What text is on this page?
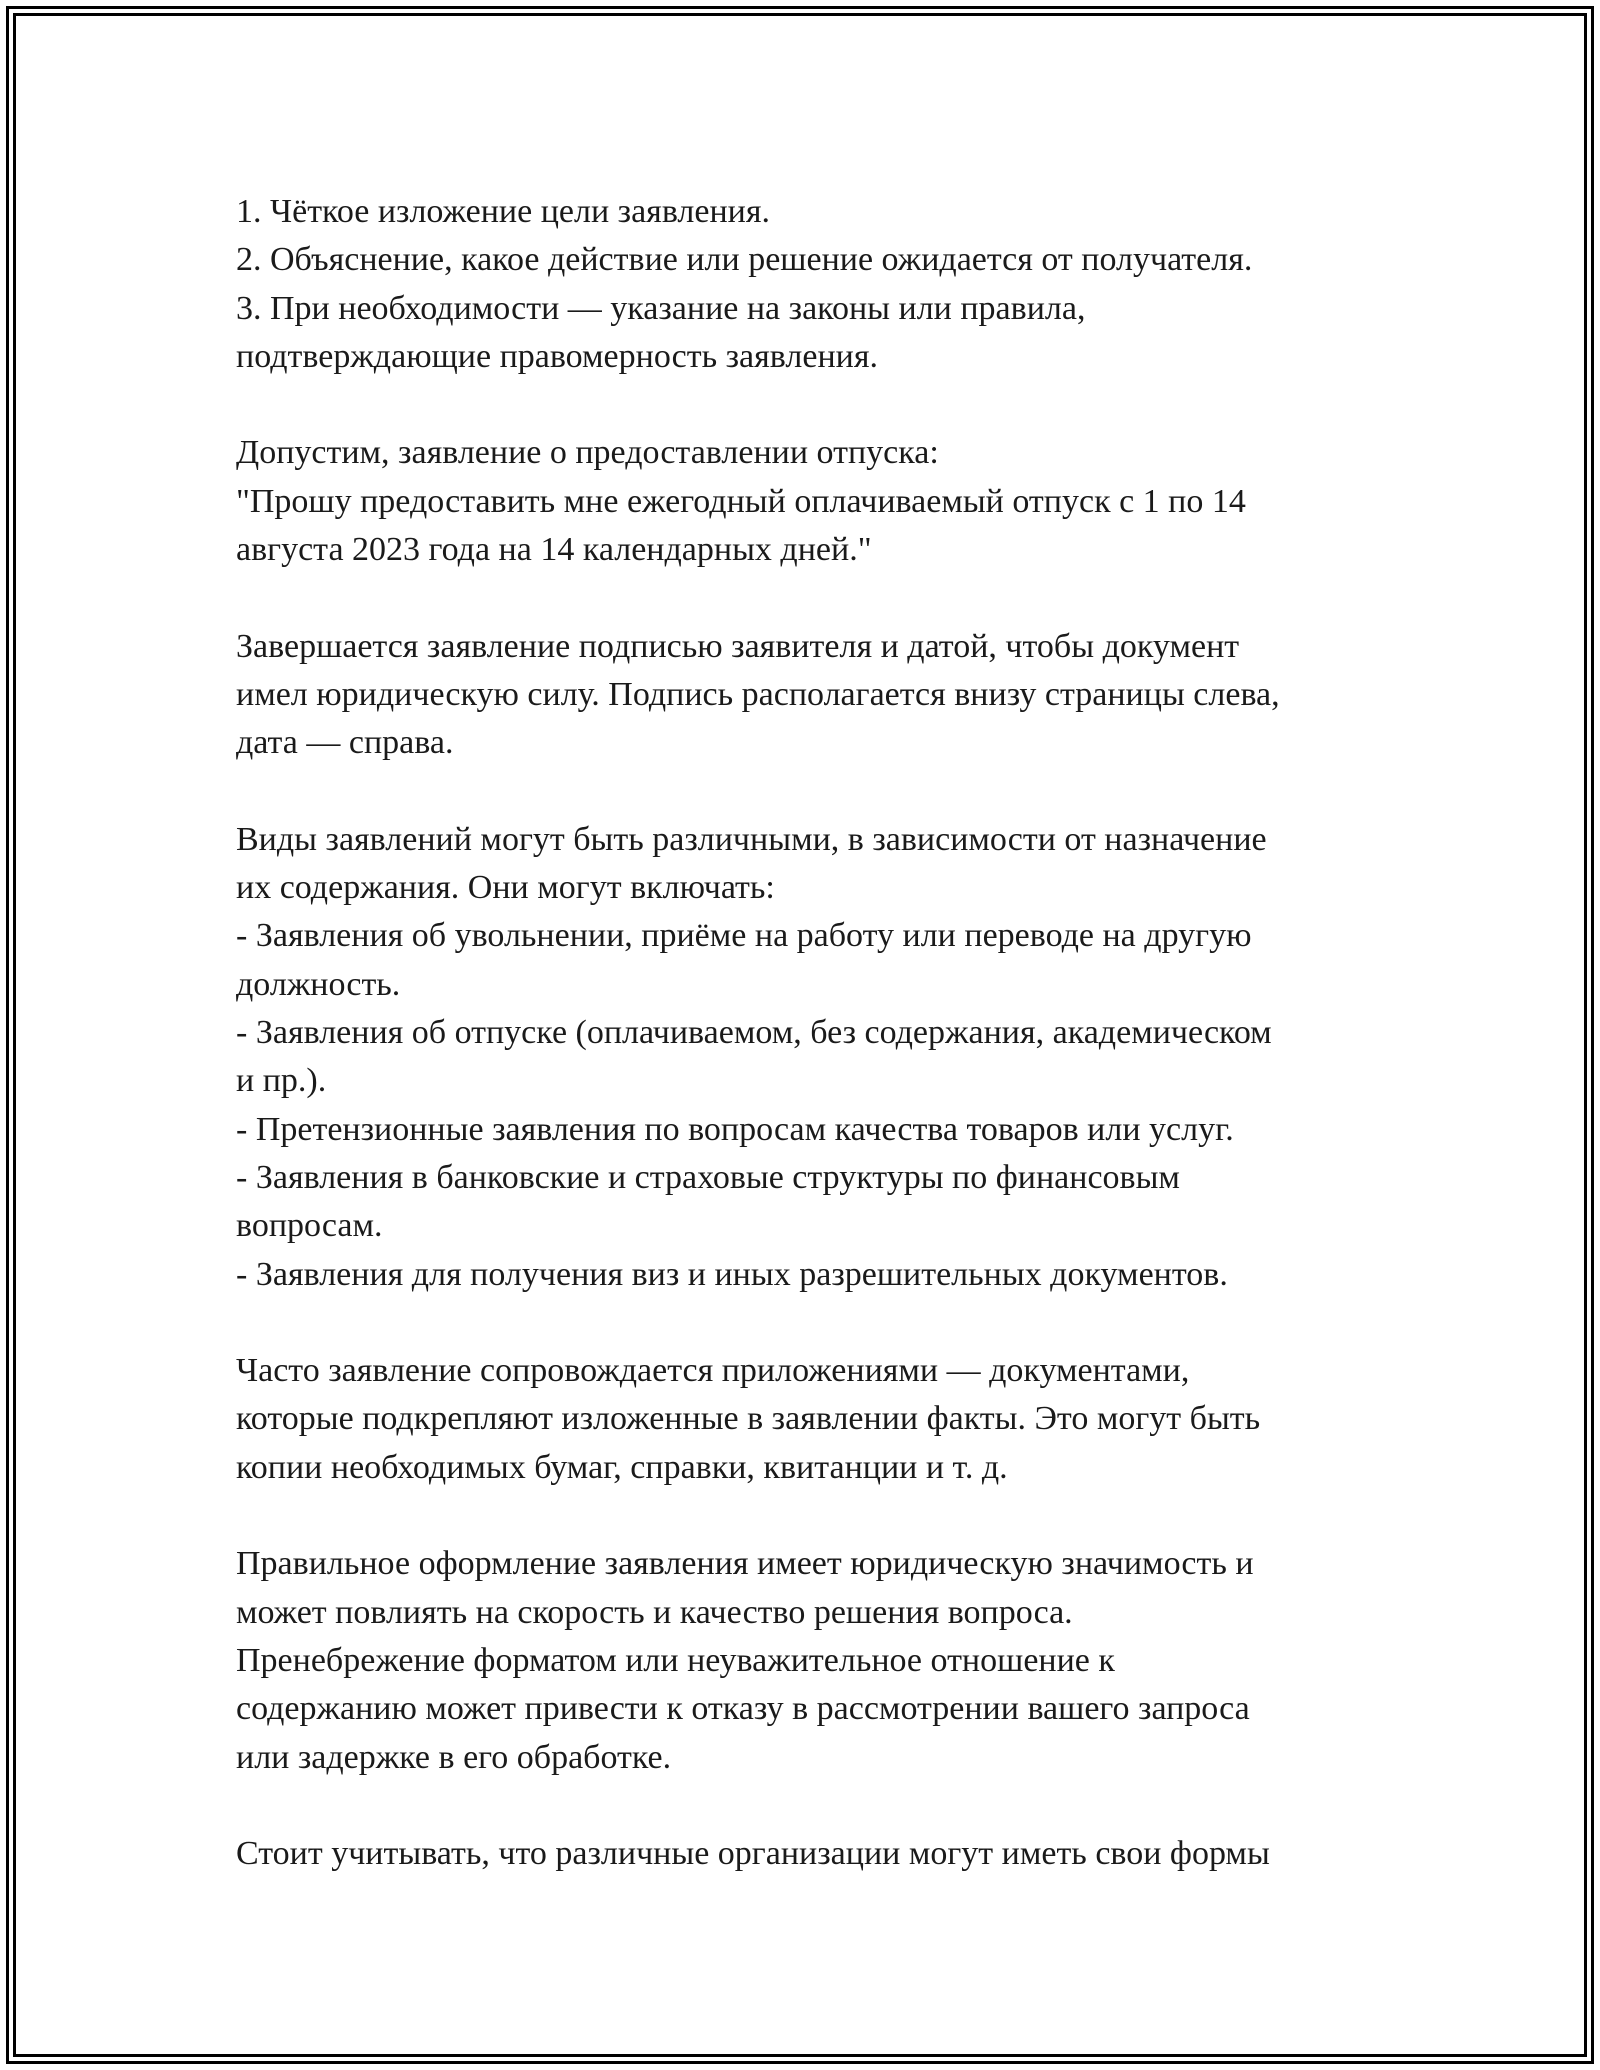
1. Чёткое изложение цели заявления.
2. Объяснение, какое действие или решение ожидается от получателя.
3. При необходимости — указание на законы или правила,
подтверждающие правомерность заявления.
Допустим, заявление о предоставлении отпуска:
"Прошу предоставить мне ежегодный оплачиваемый отпуск с 1 по 14
августа 2023 года на 14 календарных дней."
Завершается заявление подписью заявителя и датой, чтобы документ
имел юридическую силу. Подпись располагается внизу страницы слева,
дата — справа.
Виды заявлений могут быть различными, в зависимости от назначение
их содержания. Они могут включать:
- Заявления об увольнении, приёме на работу или переводе на другую
должность.
- Заявления об отпуске (оплачиваемом, без содержания, академическом
и пр.).
- Претензионные заявления по вопросам качества товаров или услуг.
- Заявления в банковские и страховые структуры по финансовым
вопросам.
- Заявления для получения виз и иных разрешительных документов.
Часто заявление сопровождается приложениями — документами,
которые подкрепляют изложенные в заявлении факты. Это могут быть
копии необходимых бумаг, справки, квитанции и т. д.
Правильное оформление заявления имеет юридическую значимость и
может повлиять на скорость и качество решения вопроса.
Пренебрежение форматом или неуважительное отношение к
содержанию может привести к отказу в рассмотрении вашего запроса
или задержке в его обработке.
Стоит учитывать, что различные организации могут иметь свои формы
